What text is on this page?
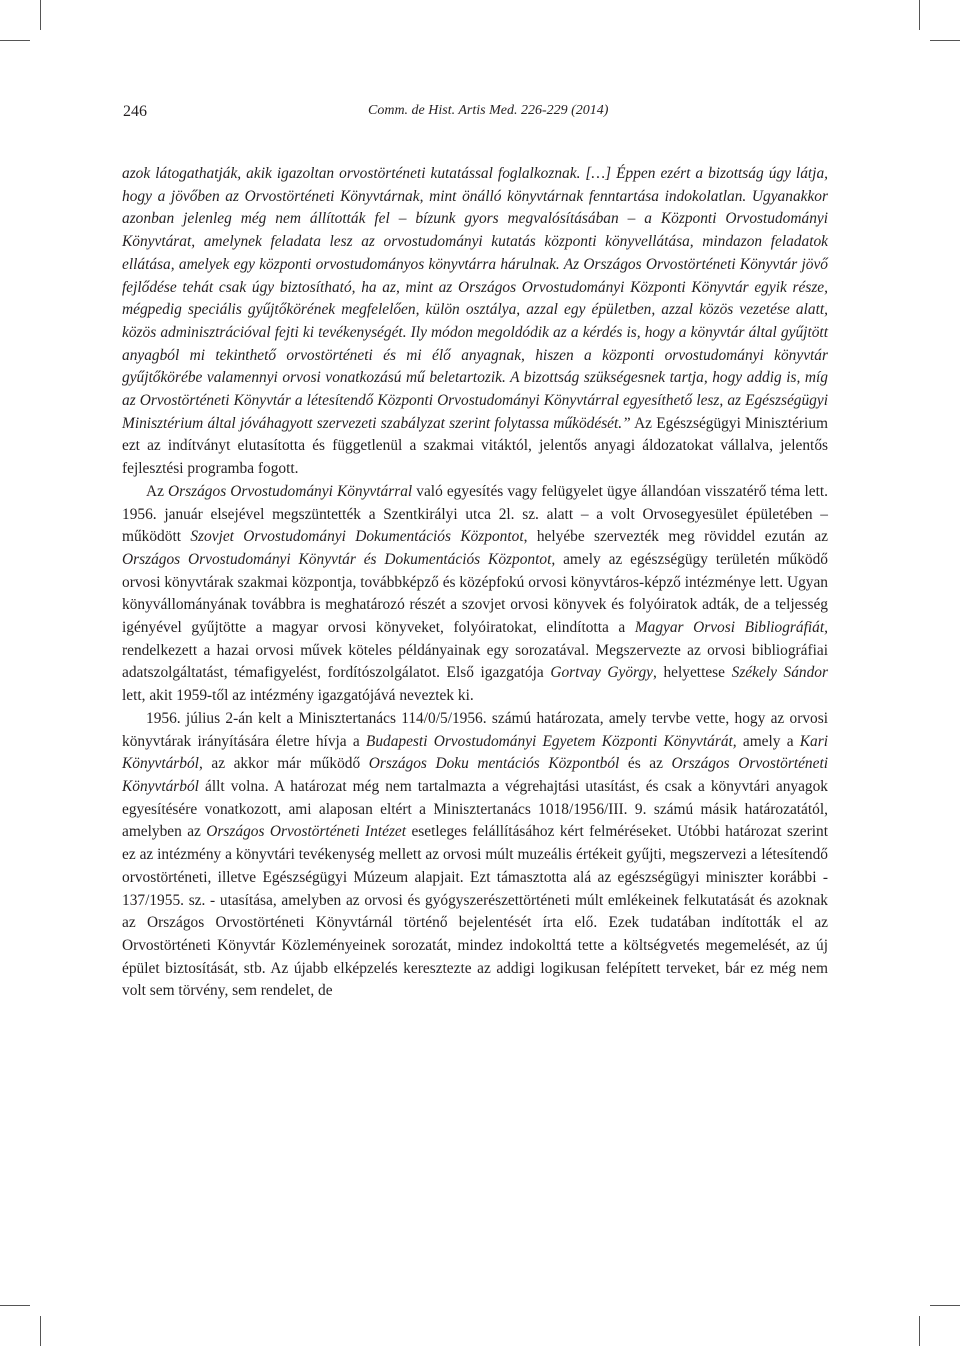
246	Comm. de Hist. Artis Med. 226-229 (2014)

azok látogathatják, akik igazoltan orvostörténeti kutatással foglalkoznak. […] Éppen ezért a bizottság úgy látja, hogy a jövőben az Orvostörténeti Könyvtárnak, mint önálló könyvtárnak fenntartása indokolatlan. Ugyanakkor azonban jelenleg még nem állították fel – bízunk gyors megvalósításában – a Központi Orvostudományi Könyvtárat, amelynek feladata lesz az orvostudományi kutatás központi könyvellátása, mindazon feladatok ellátása, amelyek egy központi orvostudományos könyvtárra hárulnak. Az Országos Orvostörténeti Könyvtár jövő fejlődése tehát csak úgy biztosítható, ha az, mint az Országos Orvostudományi Központi Könyvtár egyik része, mégpedig speciális gyűjtőkörének megfelelően, külön osztálya, azzal egy épületben, azzal közös vezetése alatt, közös adminisztrációval fejti ki tevékenységét. Ily módon megoldódik az a kérdés is, hogy a könyvtár által gyűjtött anyagból mi tekinthető orvostörténeti és mi élő anyagnak, hiszen a központi orvostudományi könyvtár gyűjtőkörébe valamennyi orvosi vonatkozású mű beletartozik. A bizottság szükségesnek tartja, hogy addig is, míg az Orvostörténeti Könyvtár a létesítendő Központi Orvostudományi Könyvtárral egyesíthető lesz, az Egészségügyi Minisztérium által jóváhagyott szervezeti szabályzat szerint folytassa működését.” Az Egészségügyi Minisztérium ezt az indítványt elutasította és függetlenül a szakmai vitáktól, jelentős anyagi áldozatokat vállalva, jelentős fejlesztési programba fogott.

Az Országos Orvostudományi Könyvtárral való egyesítés vagy felügyelet ügye állandóan visszatérő téma lett. 1956. január elsejével megszüntették a Szentkirályi utca 2l. sz. alatt – a volt Orvosegyesület épületében – működött Szovjet Orvostudományi Dokumentációs Központot, helyébe szervezték meg röviddel ezután az Országos Orvostudományi Könyvtár és Dokumentációs Központot, amely az egészségügy területén működő orvosi könyvtárak szakmai központja, továbbképző és középfokú orvosi könyvtáros-képző intézménye lett. Ugyan könyvállományának továbbra is meghatározó részét a szovjet orvosi könyvek és folyóiratok adták, de a teljesség igényével gyűjtötte a magyar orvosi könyveket, folyóiratokat, elindította a Magyar Orvosi Bibliográfiát, rendelkezett a hazai orvosi művek köteles példányainak egy sorozatával. Megszervezte az orvosi bibliográfiai adatszolgáltatást, témafigyelést, fordítószolgálatot. Első igazgatója Gortvay György, helyettese Székely Sándor lett, akit 1959-től az intézmény igazgatójává neveztek ki.

1956. július 2-án kelt a Minisztertanács 114/0/5/1956. számú határozata, amely tervbe vette, hogy az orvosi könyvtárak irányítására életre hívja a Budapesti Orvostudományi Egyetem Központi Könyvtárát, amely a Kari Könyvtárból, az akkor már működő Országos Doku mentációs Központból és az Országos Orvostörténeti Könyvtárból állt volna. A határozat még nem tartalmazta a végrehajtási utasítást, és csak a könyvtári anyagok egyesítésére vonatkozott, ami alaposan eltért a Minisztertanács 1018/1956/III. 9. számú másik határozatától, amelyben az Országos Orvostörténeti Intézet esetleges felállításához kért felméréseket. Utóbbi határozat szerint ez az intézmény a könyvtári tevékenység mellett az orvosi múlt muzeális értékeit gyűjti, megszervezi a létesítendő orvostörténeti, illetve Egészségügyi Múzeum alapjait. Ezt támasztotta alá az egészségügyi miniszter korábbi - 137/1955. sz. - utasítása, amelyben az orvosi és gyógyszerészettörténeti múlt emlékeinek felkutatását és azoknak az Országos Orvostörténeti Könyvtárnál történő bejelentését írta elő. Ezek tudatában indították el az Orvostörténeti Könyvtár Közleményeinek sorozatát, mindez indokolttá tette a költségvetés megemelését, az új épület biztosítását, stb. Az újabb elképzelés keresztezte az addigi logikusan felépített terveket, bár ez még nem volt sem törvény, sem rendelet, de
